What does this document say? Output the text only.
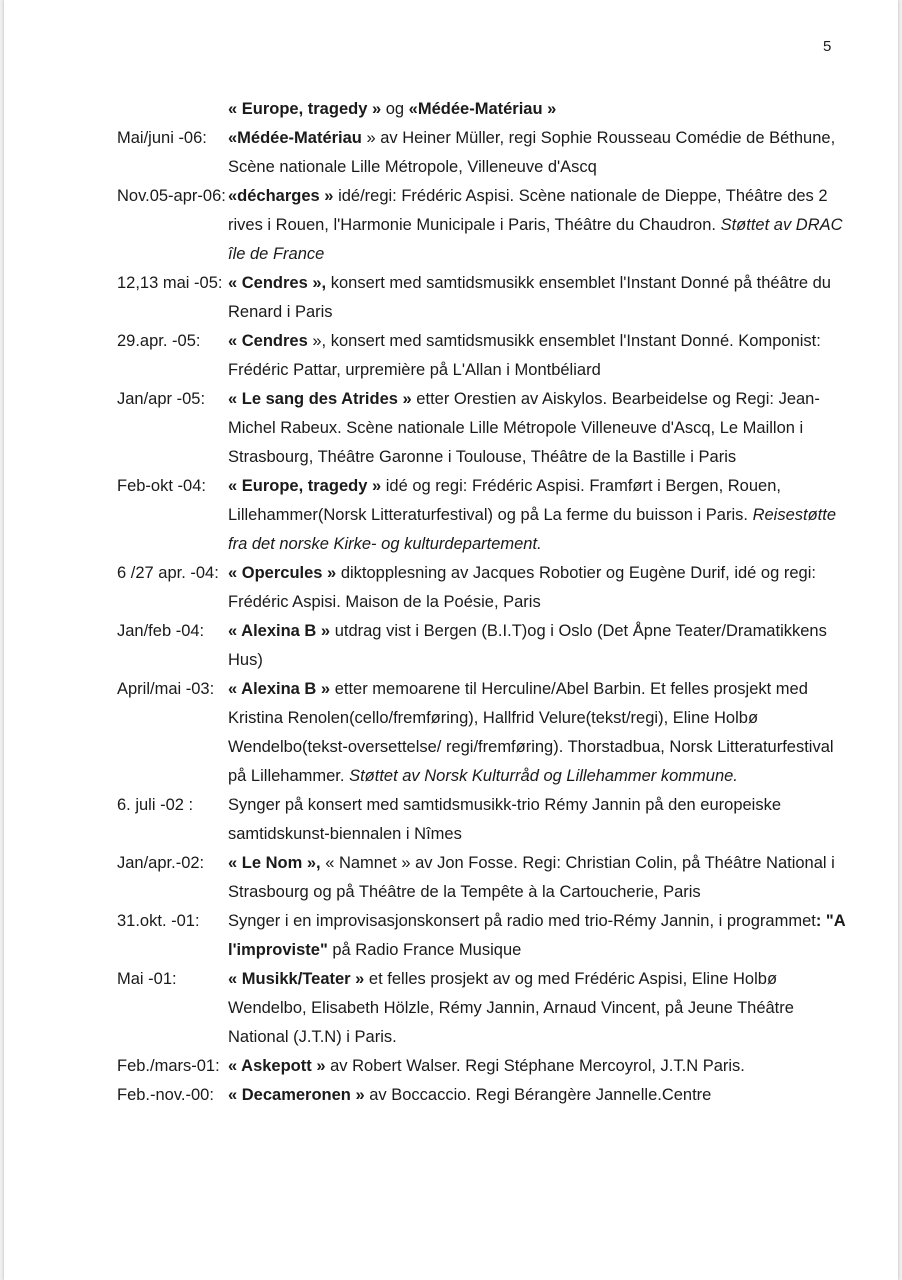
5
« Europe, tragedy » og «Médée-Matériau »
Mai/juni -06: «Médée-Matériau » av Heiner Müller, regi Sophie Rousseau Comédie de Béthune, Scène nationale Lille Métropole, Villeneuve d'Ascq
Nov.05-apr-06: «décharges » idé/regi: Frédéric Aspisi. Scène nationale de Dieppe, Théâtre des 2 rives i Rouen, l'Harmonie Municipale i Paris, Théâtre du Chaudron. Støttet av DRAC île de France
12,13 mai -05: « Cendres », konsert med samtidsmusikk ensemblet l'Instant Donné på théâtre du Renard i Paris
29.apr. -05: « Cendres », konsert med samtidsmusikk ensemblet l'Instant Donné. Komponist: Frédéric Pattar, urpremière på L'Allan i Montbéliard
Jan/apr -05: « Le sang des Atrides » etter Orestien av Aiskylos. Bearbeidelse og Regi: Jean-Michel Rabeux. Scène nationale Lille Métropole Villeneuve d'Ascq, Le Maillon i Strasbourg, Théâtre Garonne i Toulouse, Théâtre de la Bastille i Paris
Feb-okt -04: « Europe, tragedy » idé og regi: Frédéric Aspisi. Framført i Bergen, Rouen, Lillehammer(Norsk Litteraturfestival) og på La ferme du buisson i Paris. Reisestøtte fra det norske Kirke- og kulturdepartement.
6 /27 apr. -04: « Opercules » diktopplesning av Jacques Robotier og Eugène Durif, idé og regi: Frédéric Aspisi. Maison de la Poésie, Paris
Jan/feb -04: « Alexina B » utdrag vist i Bergen (B.I.T)og i Oslo (Det Åpne Teater/Dramatikkens Hus)
April/mai -03: « Alexina B » etter memoarene til Herculine/Abel Barbin. Et felles prosjekt med Kristina Renolen(cello/fremføring), Hallfrid Velure(tekst/regi), Eline Holbø Wendelbo(tekst-oversettelse/ regi/fremføring). Thorstadbua, Norsk Litteraturfestival på Lillehammer. Støttet av Norsk Kulturråd og Lillehammer kommune.
6. juli -02 : Synger på konsert med samtidsmusikk-trio Rémy Jannin på den europeiske samtidskunst-biennalen i Nîmes
Jan/apr.-02: « Le Nom », « Namnet » av Jon Fosse. Regi: Christian Colin, på Théâtre National i Strasbourg og på Théâtre de la Tempête à la Cartoucherie, Paris
31.okt. -01: Synger i en improvisasjonskonsert på radio med trio-Rémy Jannin, i programmet: "A l'improviste" på Radio France Musique
Mai -01:	« Musikk/Teater » et felles prosjekt av og med Frédéric Aspisi, Eline Holbø Wendelbo, Elisabeth Hölzle, Rémy Jannin, Arnaud Vincent, på Jeune Théâtre National (J.T.N) i Paris.
Feb./mars-01: « Askepott » av Robert Walser. Regi Stéphane Mercoyrol, J.T.N Paris.
Feb.-nov.-00: « Decameronen » av Boccaccio. Regi Bérangère Jannelle.Centre
